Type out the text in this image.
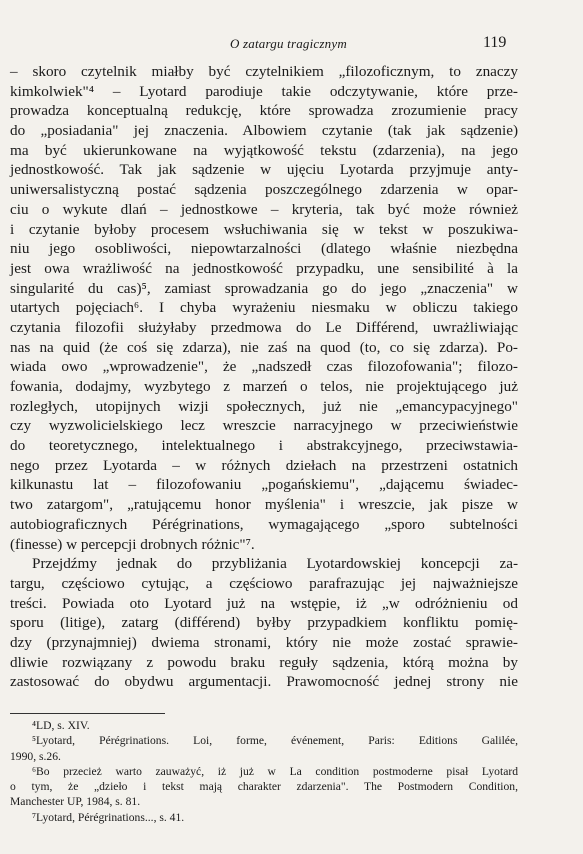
O zatargu tragicznym	119
– skoro czytelnik miałby być czytelnikiem „filozoficznym, to znaczy
kimkolwiek"⁴ – Lyotard parodiuje takie odczytywanie, które prze-
prowadza konceptualną redukcję, które sprowadza zrozumienie pracy
do „posiadania" jej znaczenia. Albowiem czytanie (tak jak sądzenie)
ma być ukierunkowane na wyjątkowość tekstu (zdarzenia), na jego
jednostkowość. Tak jak sądzenie w ujęciu Lyotarda przyjmuje anty-
uniwersalistyczną postać sądzenia poszczególnego zdarzenia w opar-
ciu o wykute dlań – jednostkowe – kryteria, tak być może również
i czytanie byłoby procesem wsłuchiwania się w tekst w poszukiwa-
niu jego osobliwości, niepowtarzalności (dlatego właśnie niezbędna
jest owa wrażliwość na jednostkowość przypadku, une sensibilité à la
singularité du cas)⁵, zamiast sprowadzania go do jego „znaczenia" w
utartych pojęciach⁶. I chyba wyrażeniu niesmaku w obliczu takiego
czytania filozofii służyłaby przedmowa do Le Différend, uwrażliwiając
nas na quid (że coś się zdarza), nie zaś na quod (to, co się zdarza). Po-
wiada owo „wprowadzenie", że „nadszedł czas filozofowania"; filozo-
fowania, dodajmy, wyzbytego z marzeń o telos, nie projektującego już
rozległych, utopijnych wizji społecznych, już nie „emancypacyjnego"
czy wyzwolicielskiego lecz wreszcie narracyjnego w przeciwieństwie
do teoretycznego, intelektualnego i abstrakcyjnego, przeciwstawia-
nego przez Lyotarda – w różnych dziełach na przestrzeni ostatnich
kilkunastu lat – filozofowaniu „pogańskiemu", „dającemu świadec-
two zatargom", „ratującemu honor myślenia" i wreszcie, jak pisze w
autobiograficznych Pérégrinations, wymagającego „sporo subtelności
(finesse) w percepcji drobnych różnic"⁷.
Przejdźmy jednak do przybliżania Lyotardowskiej koncepcji za-
targu, częściowo cytując, a częściowo parafrazując jej najważniejsze
treści. Powiada oto Lyotard już na wstępie, iż „w odróżnieniu od
sporu (litige), zatarg (différend) byłby przypadkiem konfliktu pomię-
dzy (przynajmniej) dwiema stronami, który nie może zostać sprawie-
dliwie rozwiązany z powodu braku reguły sądzenia, którą można by
zastosować do obydwu argumentacji. Prawomocność jednej strony nie
⁴LD, s. XIV.
⁵Lyotard, Pérégrinations. Loi, forme, événement, Paris: Editions Galilée,
1990, s.26.
⁶Bo przecież warto zauważyć, iż już w La condition postmoderne pisał Lyotard
o tym, że „dzieło i tekst mają charakter zdarzenia". The Postmodern Condition,
Manchester UP, 1984, s. 81.
⁷Lyotard, Pérégrinations..., s. 41.
